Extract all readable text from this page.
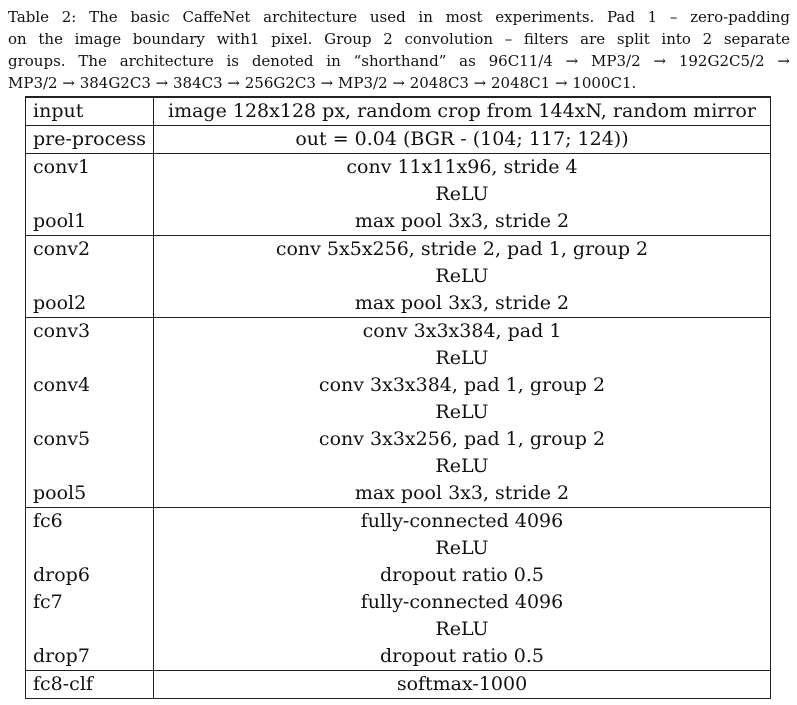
Table 2: The basic CaffeNet architecture used in most experiments. Pad 1 – zero-padding
on the image boundary with1 pixel. Group 2 convolution – filters are split into 2 separate
groups. The architecture is denoted in “shorthand” as 96C11/4 → MP3/2 → 192G2C5/2 →
MP3/2 → 384G2C3 → 384C3 → 256G2C3 → MP3/2 → 2048C3 → 2048C1 → 1000C1.
input	image 128x128 px, random crop from 144xN, random mirror
pre-process	out = 0.04 (BGR - (104; 117; 124))
conv1	conv 11x11x96, stride 4
	ReLU
pool1	max pool 3x3, stride 2
conv2	conv 5x5x256, stride 2, pad 1, group 2
	ReLU
pool2	max pool 3x3, stride 2
conv3	conv 3x3x384, pad 1
	ReLU
conv4	conv 3x3x384, pad 1, group 2
	ReLU
conv5	conv 3x3x256, pad 1, group 2
	ReLU
pool5	max pool 3x3, stride 2
fc6	fully-connected 4096
	ReLU
drop6	dropout ratio 0.5
fc7	fully-connected 4096
	ReLU
drop7	dropout ratio 0.5
fc8-clf	softmax-1000
